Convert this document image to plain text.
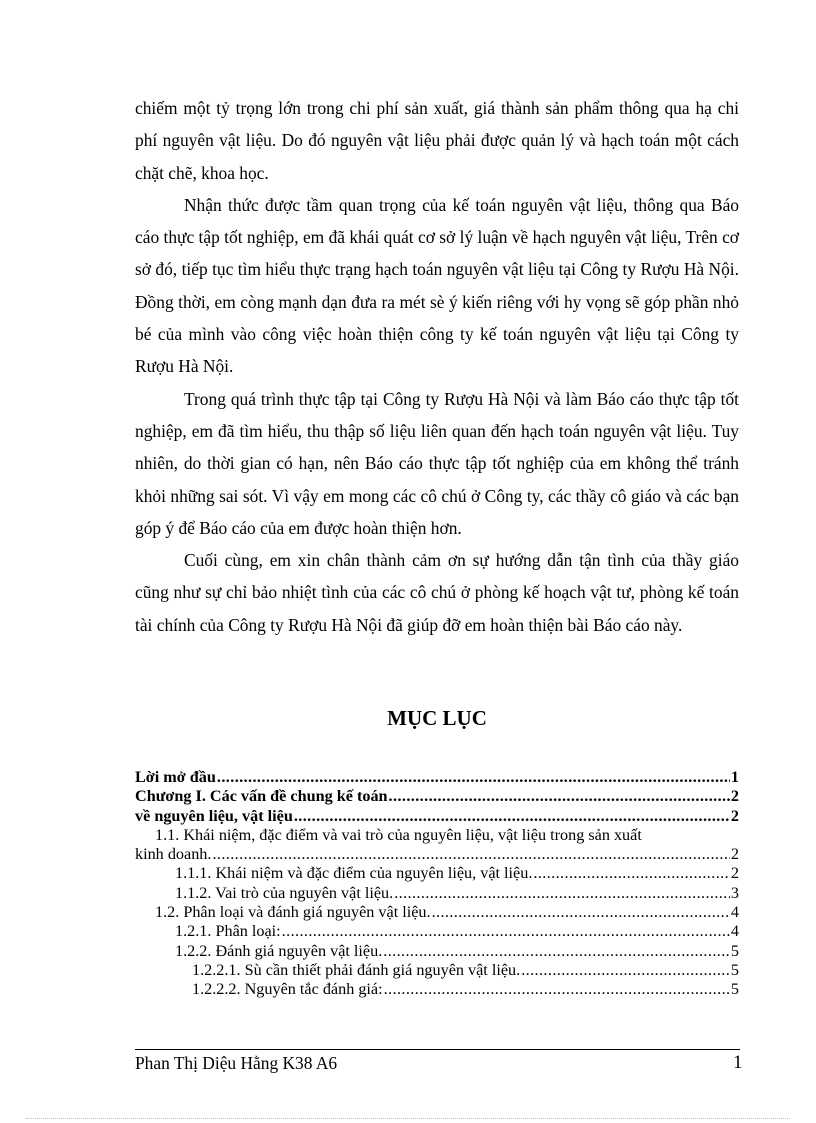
chiếm một tỷ trọng lớn trong chi phí sản xuất, giá thành sản phẩm thông qua hạ chi phí nguyên vật liệu. Do đó nguyên vật liệu phải được quản lý và hạch toán một cách chặt chẽ, khoa học.

Nhận thức được tầm quan trọng của kế toán nguyên vật liệu, thông qua Báo cáo thực tập tốt nghiệp, em đã khái quát cơ sở lý luận về hạch nguyên vật liệu, Trên cơ sở đó, tiếp tục tìm hiểu thực trạng hạch toán nguyên vật liệu tại Công ty Rượu Hà Nội. Đồng thời, em còng mạnh dạn đưa ra mét sè ý kiến riêng với hy vọng sẽ góp phần nhỏ bé của mình vào công việc hoàn thiện công ty kế toán nguyên vật liệu tại Công ty Rượu Hà Nội.

Trong quá trình thực tập tại Công ty Rượu Hà Nội và làm Báo cáo thực tập tốt nghiệp, em đã tìm hiểu, thu thập số liệu liên quan đến hạch toán nguyên vật liệu. Tuy nhiên, do thời gian có hạn, nên Báo cáo thực tập tốt nghiệp của em không thể tránh khỏi những sai sót. Vì vậy em mong các cô chú ở Công ty, các thầy cô giáo và các bạn góp ý để Báo cáo của em được hoàn thiện hơn.

Cuối cùng, em xin chân thành cảm ơn sự hướng dẫn tận tình của thầy giáo cũng như sự chỉ bảo nhiệt tình của các cô chú ở phòng kế hoạch vật tư, phòng kế toán tài chính của Công ty Rượu Hà Nội đã giúp đỡ em hoàn thiện bài Báo cáo này.

MỤC LỤC
Lời mở đầu .....	1
Chương I. Các vấn đề chung kế toán .....	2
về nguyên liệu, vật liệu .....	2
1.1. Khái niệm, đặc điểm và vai trò của nguyên liệu, vật liệu trong sản xuất
kinh doanh. .....	2
1.1.1. Khái niệm và đặc điểm của nguyên liệu, vật liệu. .....	2
1.1.2. Vai trò của nguyên vật liệu. .....	3
1.2. Phân loại và đánh giá nguyên vật liệu. .....	4
1.2.1. Phân loại: .....	4
1.2.2. Đánh giá nguyên vật liệu. .....	5
1.2.2.1. Sù cần thiết phải đánh giá nguyên vật liệu. .....	5
1.2.2.2. Nguyên tắc đánh giá: .....	5
Phan Thị Diệu Hằng K38 A6	1
